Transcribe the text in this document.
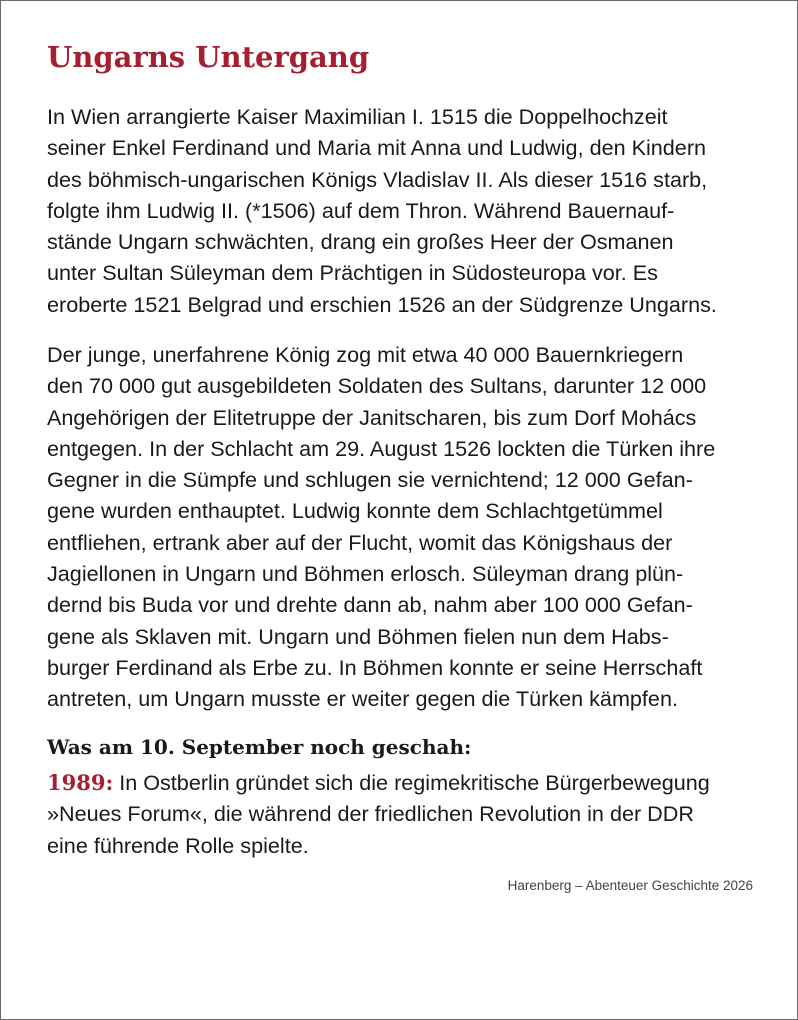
Ungarns Untergang

In Wien arrangierte Kaiser Maximilian I. 1515 die Doppelhochzeit
seiner Enkel Ferdinand und Maria mit Anna und Ludwig, den Kindern
des böhmisch-ungarischen Königs Vladislav II. Als dieser 1516 starb,
folgte ihm Ludwig II. (*1506) auf dem Thron. Während Bauernauf-
stände Ungarn schwächten, drang ein großes Heer der Osmanen
unter Sultan Süleyman dem Prächtigen in Südosteuropa vor. Es
eroberte 1521 Belgrad und erschien 1526 an der Südgrenze Ungarns.

Der junge, unerfahrene König zog mit etwa 40 000 Bauernkriegern
den 70 000 gut ausgebildeten Soldaten des Sultans, darunter 12 000
Angehörigen der Elitetruppe der Janitscharen, bis zum Dorf Mohács
entgegen. In der Schlacht am 29. August 1526 lockten die Türken ihre
Gegner in die Sümpfe und schlugen sie vernichtend; 12 000 Gefan-
gene wurden enthauptet. Ludwig konnte dem Schlachtgetümmel
entfliehen, ertrank aber auf der Flucht, womit das Königshaus der
Jagiellonen in Ungarn und Böhmen erlosch. Süleyman drang plün-
dernd bis Buda vor und drehte dann ab, nahm aber 100 000 Gefan-
gene als Sklaven mit. Ungarn und Böhmen fielen nun dem Habs-
burger Ferdinand als Erbe zu. In Böhmen konnte er seine Herrschaft
antreten, um Ungarn musste er weiter gegen die Türken kämpfen.

Was am 10. September noch geschah:

1989: In Ostberlin gründet sich die regimekritische Bürgerbewegung
»Neues Forum«, die während der friedlichen Revolution in der DDR
eine führende Rolle spielte.

Harenberg – Abenteuer Geschichte 2026
